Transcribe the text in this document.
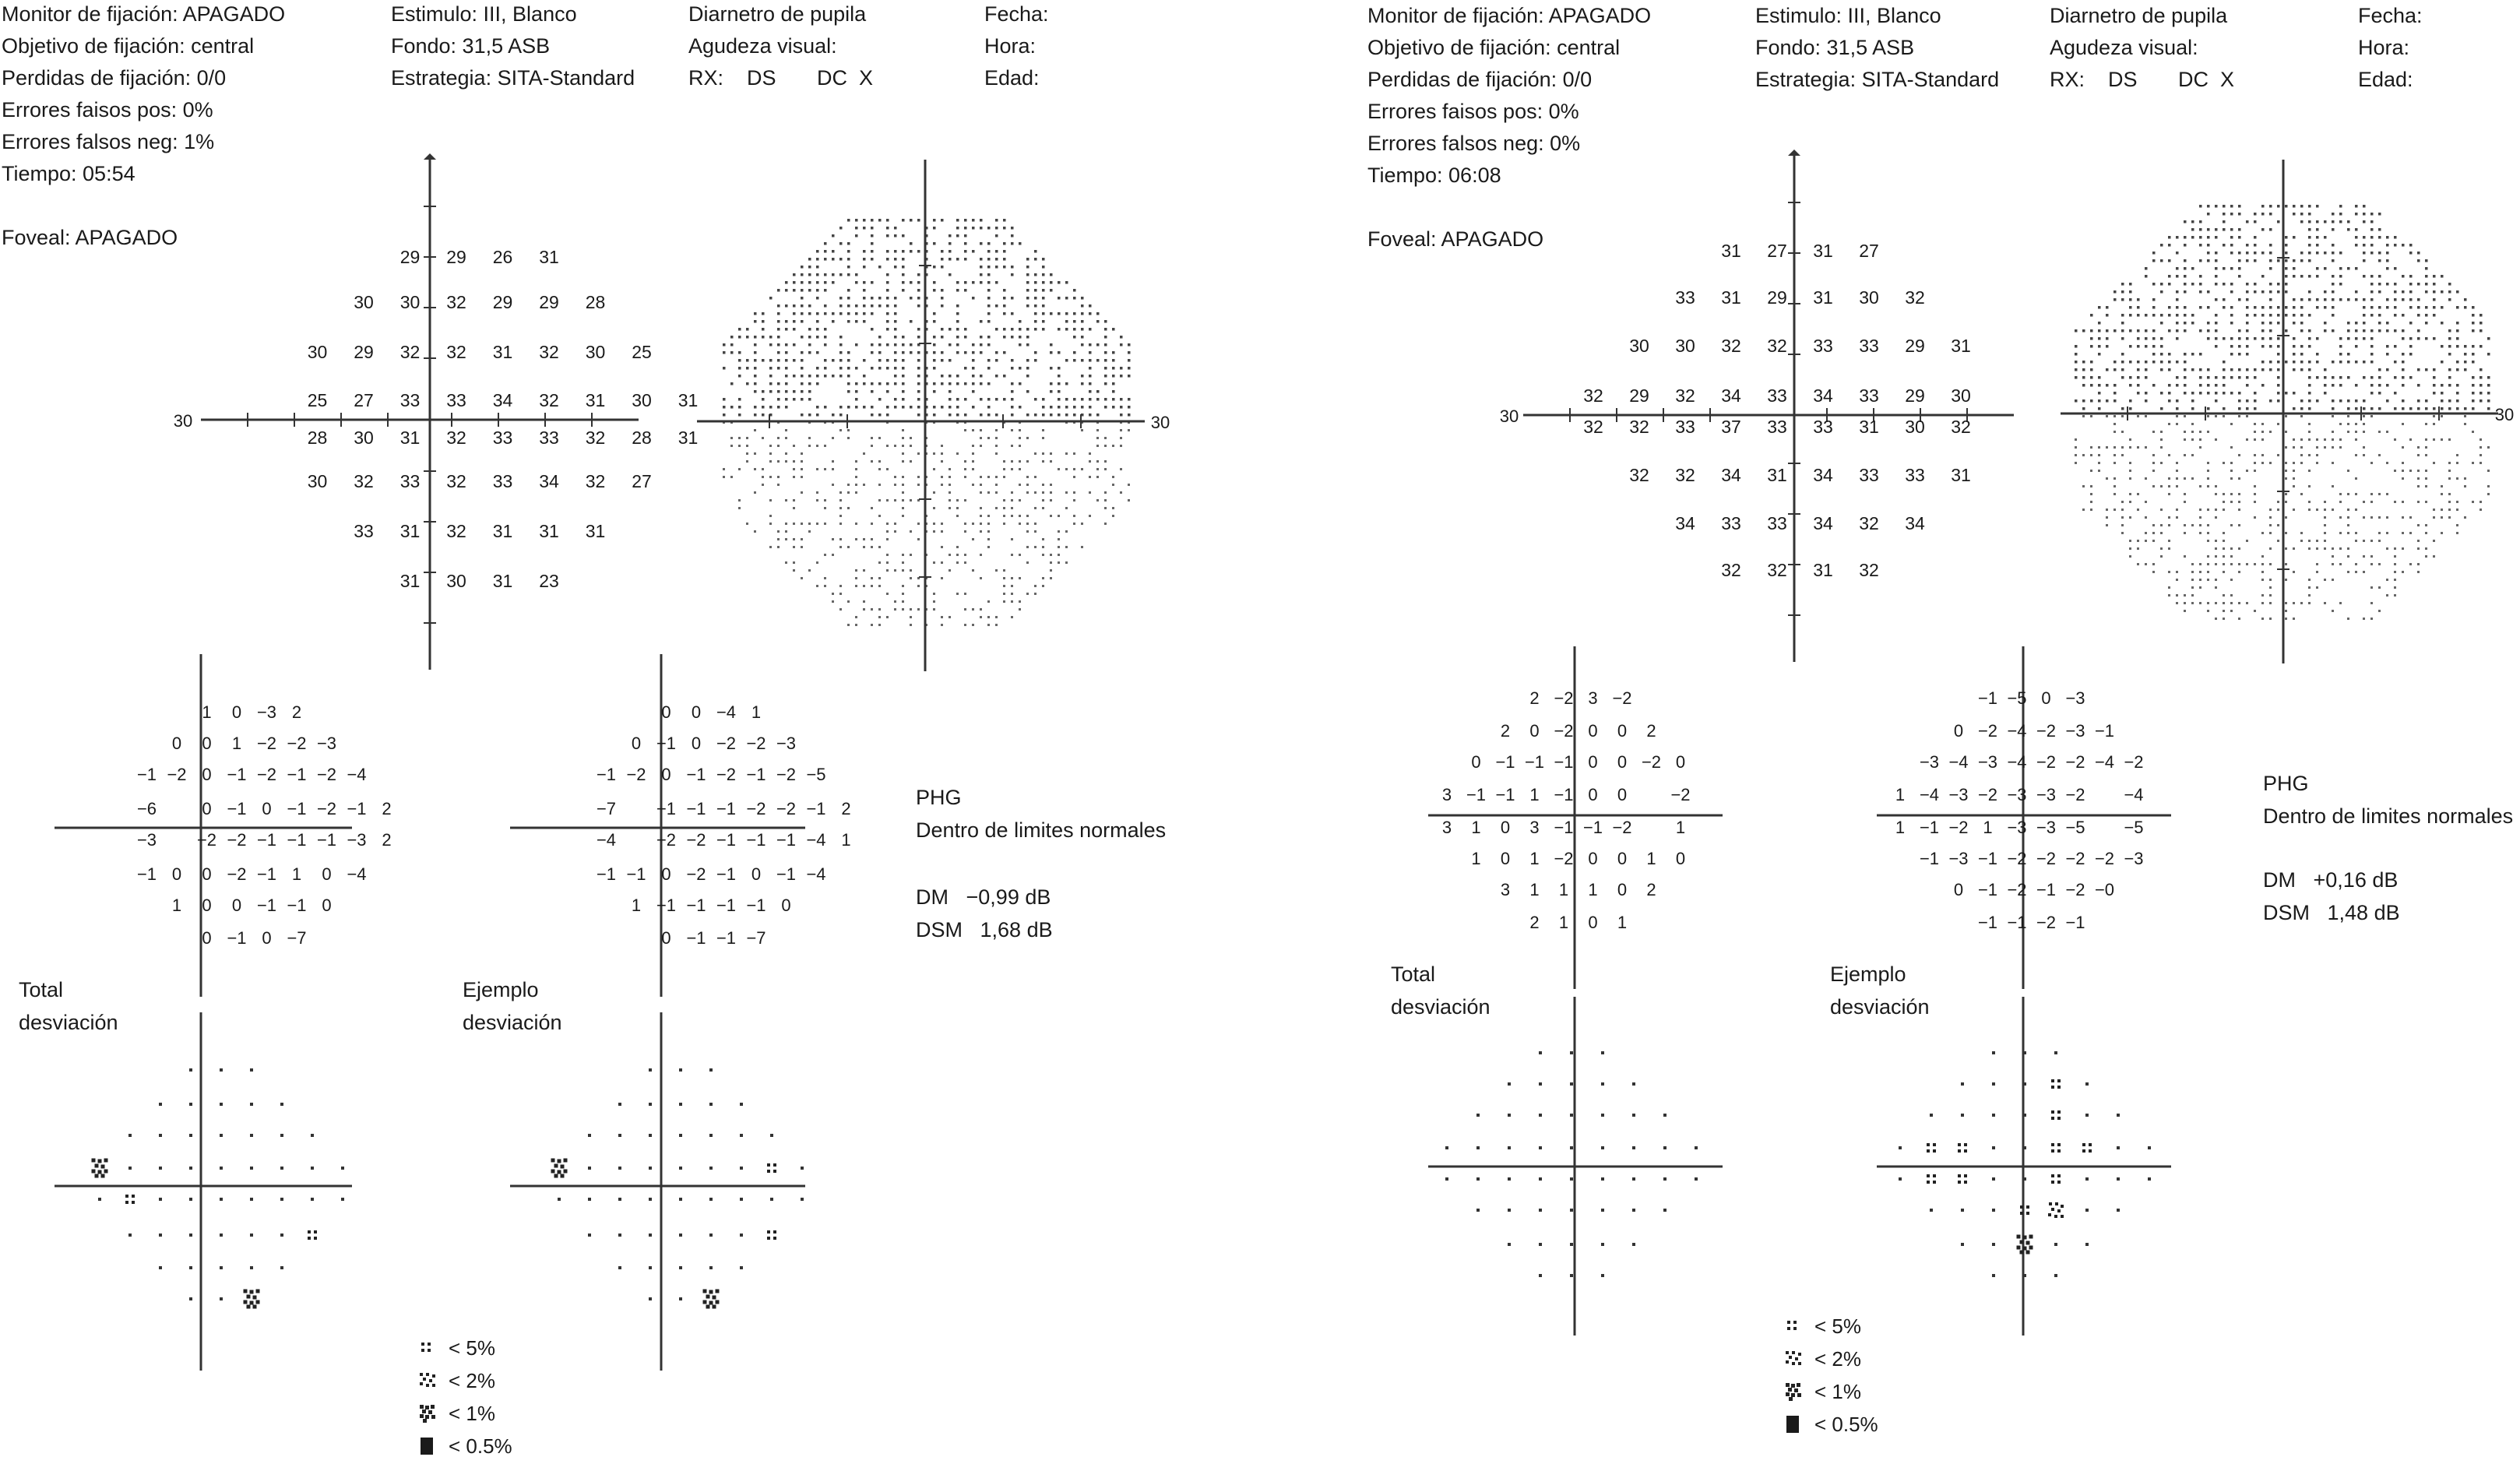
Monitor de fijación: APAGADO
Objetivo de fijación: central
Perdidas de fijación: 0/0
Errores faisos pos: 0%
Errores falsos neg: 1%
Tiempo: 05:54
Foveal: APAGADO
Estimulo: III, Blanco
Fondo: 31,5 ASB
Estrategia: SITA-Standard
Diarnetro de pupila
Agudeza visual:
RX:    DS       DC  X
Fecha:
Hora:
Edad:
30
29 29 26 31
30 30 32 29 29 28
30 29 32 32 31 32 30 25
25 27 33 33 34 32 31 30 31
28 30 31 32 33 33 32 28 31
30 32 33 32 33 34 32 27
33 31 32 31 31 31
31 30 31 23
30
1 0 −3 2
0 0 1 −2 −2 −3
−1 −2 0 −1 −2 −1 −2 −4
−6	0 −1 0 −1 −2 −1 2
−3 −2 −2 −1 −1 −1 −3 2
−1 0 0 −2 −1 1 0 −4
1 0 0 −1 −1 0
0 −1 0 −7
0 0 −4 1
0 −1 0 −2 −2 −3
−1 −2 0 −1 −2 −1 −2 −5
−7 −1 −1 −1 −2 −2 −1 2
−4 −2 −2 −1 −1 −1 −4 1
−1 −1 0 −2 −1 0 −1 −4
1 −1 −1 −1 −1 0
0 −1 −1 −7
PHG
Dentro de limites normales
DM −0,99 dB
DSM 1,68 dB
Total
desviación
Ejemplo
desviación
Monitor de fijación: APAGADO
Objetivo de fijación: central
Perdidas de fijación: 0/0
Errores faisos pos: 0%
Errores falsos neg: 0%
Tiempo: 06:08
Foveal: APAGADO
Estimulo: III, Blanco
Fondo: 31,5 ASB
Estrategia: SITA-Standard
Diarnetro de pupila
Agudeza visual:
RX:    DS       DC  X
Fecha:
Hora:
Edad:
30
31 27 31 27
33 31 29 31 30 32
30 30 32 32 33 33 29 31
32 29 32 34 33 34 33 29 30
32 32 33 37 33 33 31 30 32
32 32 34 31 34 33 33 31
34 33 33 34 32 34
32 32 31 32
30
2 −2 3 −2
2 0 −2 0 0 2
0 −1 −1 −1 0 0 −2 0
3 −1 −1 1 −1 0 0	−2
3 1 0 3 −1 −1 −2	1
1 0 1 −2 0 0 1 0
3 1 1 1 0 2
2 1 0 1
−1 −5 0 −3
0 −2 −4 −2 −3 −1
−3 −4 −3 −4 −2 −2 −4 −2
1 −4 −3 −2 −3 −3 −2 −4
1 −1 −2 1 −3 −3 −5 −5
−1 −3 −1 −2 −2 −2 −2 −3
0 −1 −2 −1 −2 −0
−1 −1 −2 −1
PHG
Dentro de limites normales
DM +0,16 dB
DSM 1,48 dB
Total
desviación
Ejemplo
desviación
< 5%
< 2%
< 1%
< 0.5%
< 5%
< 2%
< 1%
< 0.5%
